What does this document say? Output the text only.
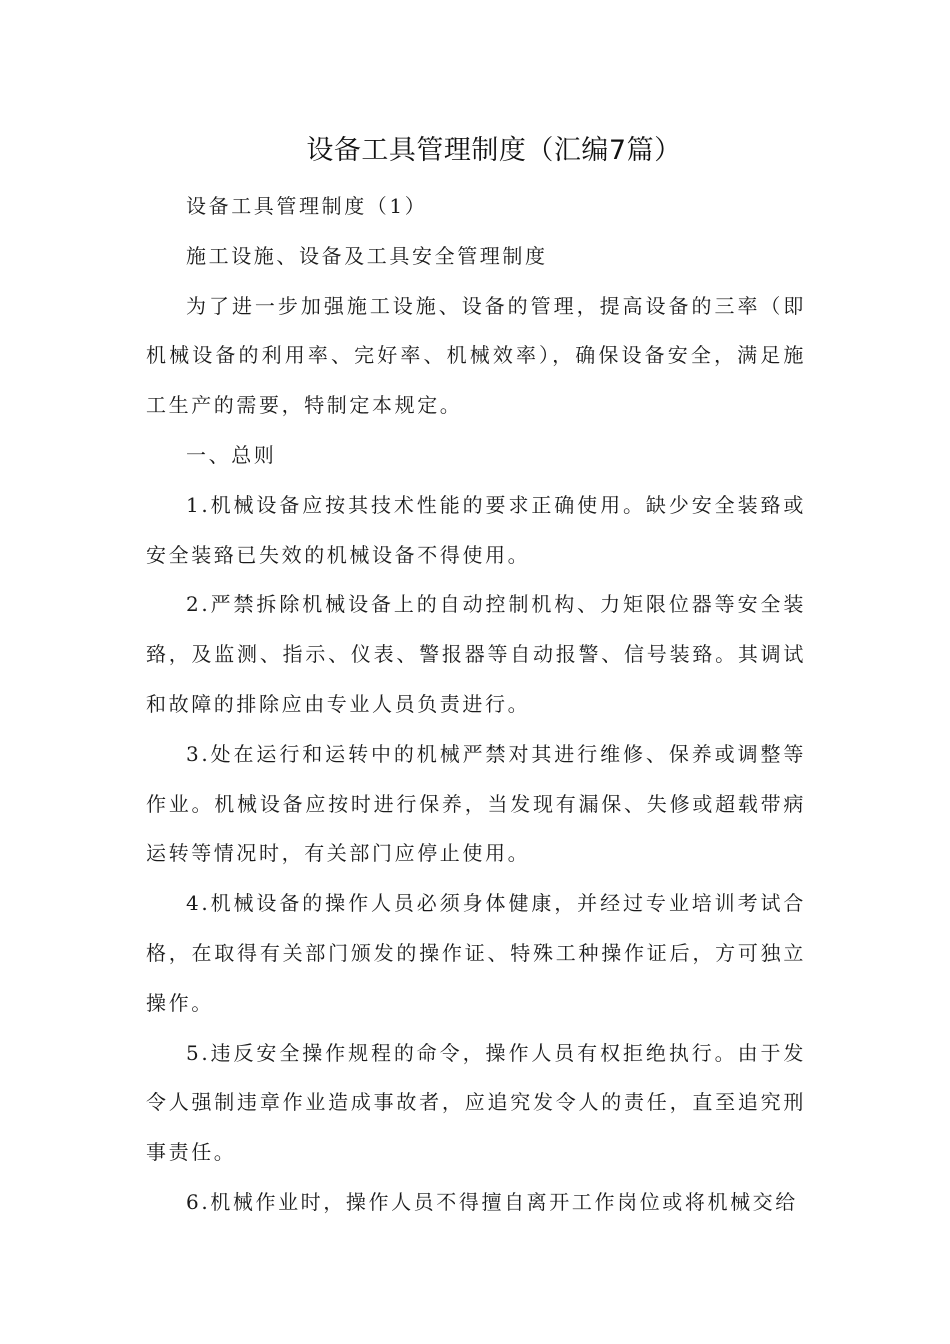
设备工具管理制度（汇编7篇）

设备工具管理制度（1）

施工设施、设备及工具安全管理制度

为了进一步加强施工设施、设备的管理，提高设备的三率（即机械设备的利用率、完好率、机械效率），确保设备安全，满足施工生产的需要，特制定本规定。

一、总则

1.机械设备应按其技术性能的要求正确使用。缺少安全装臵或安全装臵已失效的机械设备不得使用。

2.严禁拆除机械设备上的自动控制机构、力矩限位器等安全装臵，及监测、指示、仪表、警报器等自动报警、信号装臵。其调试和故障的排除应由专业人员负责进行。

3.处在运行和运转中的机械严禁对其进行维修、保养或调整等作业。机械设备应按时进行保养，当发现有漏保、失修或超载带病运转等情况时，有关部门应停止使用。

4.机械设备的操作人员必须身体健康，并经过专业培训考试合格，在取得有关部门颁发的操作证、特殊工种操作证后，方可独立操作。

5.违反安全操作规程的命令，操作人员有权拒绝执行。由于发令人强制违章作业造成事故者，应追究发令人的责任，直至追究刑事责任。

6.机械作业时，操作人员不得擅自离开工作岗位或将机械交给
